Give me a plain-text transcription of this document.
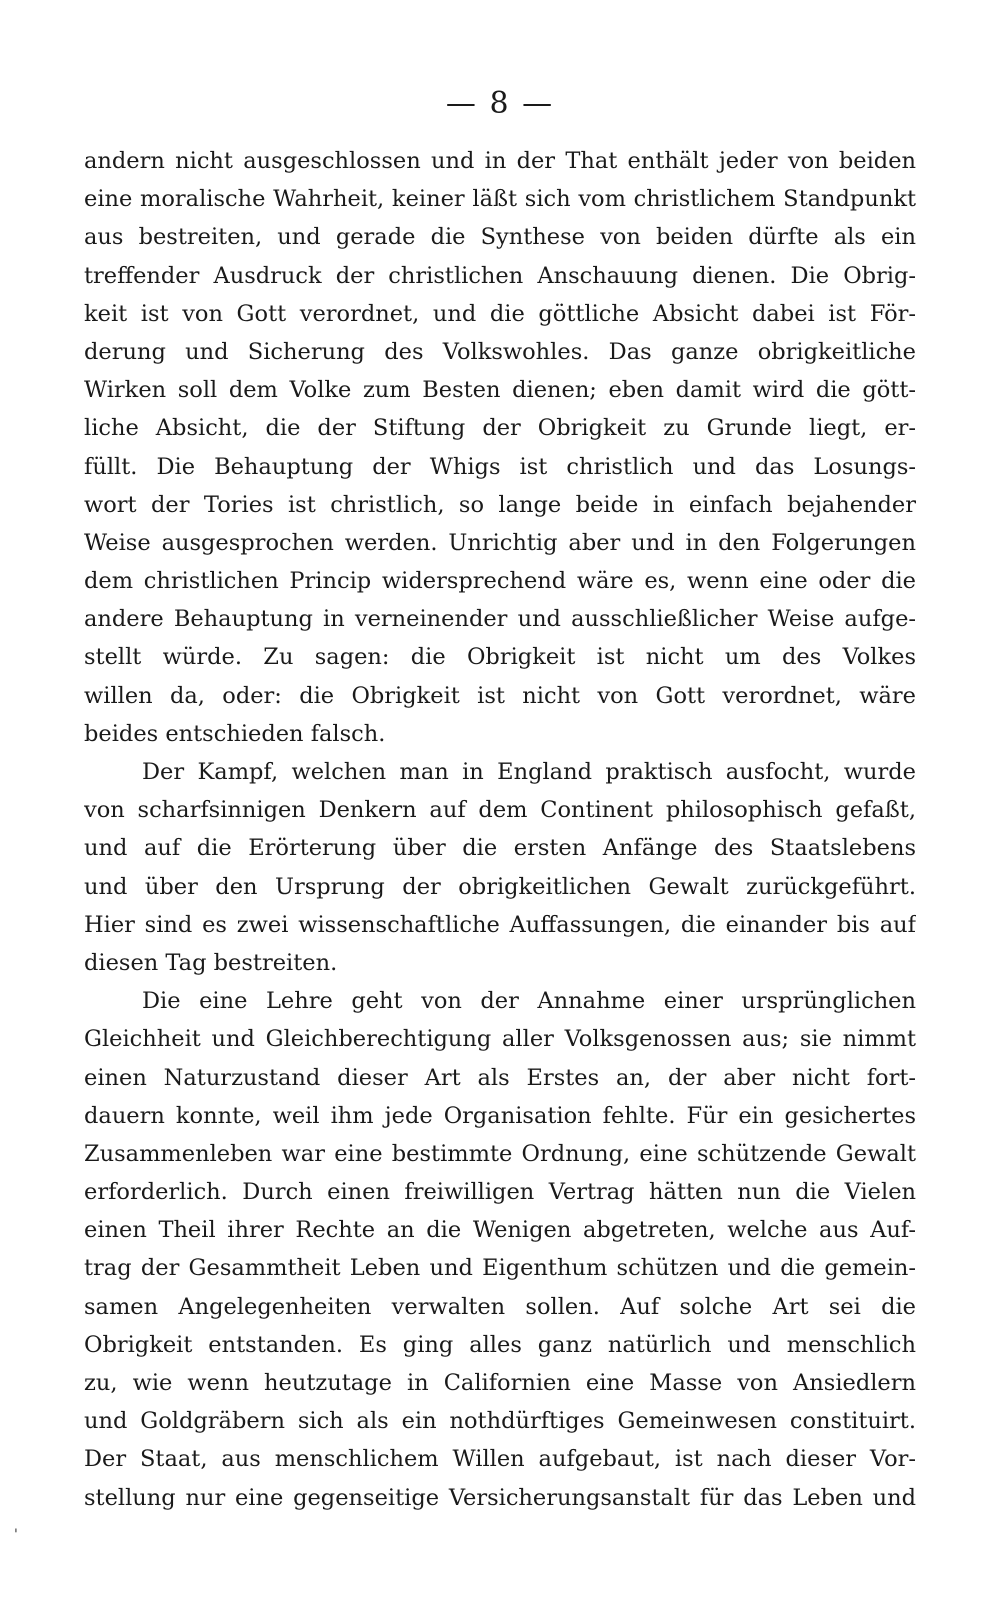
— 8 —
andern nicht ausgeschlossen und in der That enthält jeder von beiden
eine moralische Wahrheit, keiner läßt sich vom christlichem Standpunkt
aus bestreiten, und gerade die Synthese von beiden dürfte als ein
treffender Ausdruck der christlichen Anschauung dienen. Die Obrig-
keit ist von Gott verordnet, und die göttliche Absicht dabei ist För-
derung und Sicherung des Volkswohles. Das ganze obrigkeitliche
Wirken soll dem Volke zum Besten dienen; eben damit wird die gött-
liche Absicht, die der Stiftung der Obrigkeit zu Grunde liegt, er-
füllt. Die Behauptung der Whigs ist christlich und das Losungs-
wort der Tories ist christlich, so lange beide in einfach bejahender
Weise ausgesprochen werden. Unrichtig aber und in den Folgerungen
dem christlichen Princip widersprechend wäre es, wenn eine oder die
andere Behauptung in verneinender und ausschließlicher Weise aufge-
stellt würde. Zu sagen: die Obrigkeit ist nicht um des Volkes
willen da, oder: die Obrigkeit ist nicht von Gott verordnet, wäre
beides entschieden falsch.
Der Kampf, welchen man in England praktisch ausfocht, wurde
von scharfsinnigen Denkern auf dem Continent philosophisch gefaßt,
und auf die Erörterung über die ersten Anfänge des Staatslebens
und über den Ursprung der obrigkeitlichen Gewalt zurückgeführt.
Hier sind es zwei wissenschaftliche Auffassungen, die einander bis auf
diesen Tag bestreiten.
Die eine Lehre geht von der Annahme einer ursprünglichen
Gleichheit und Gleichberechtigung aller Volksgenossen aus; sie nimmt
einen Naturzustand dieser Art als Erstes an, der aber nicht fort-
dauern konnte, weil ihm jede Organisation fehlte. Für ein gesichertes
Zusammenleben war eine bestimmte Ordnung, eine schützende Gewalt
erforderlich. Durch einen freiwilligen Vertrag hätten nun die Vielen
einen Theil ihrer Rechte an die Wenigen abgetreten, welche aus Auf-
trag der Gesammtheit Leben und Eigenthum schützen und die gemein-
samen Angelegenheiten verwalten sollen. Auf solche Art sei die
Obrigkeit entstanden. Es ging alles ganz natürlich und menschlich
zu, wie wenn heutzutage in Californien eine Masse von Ansiedlern
und Goldgräbern sich als ein nothdürftiges Gemeinwesen constituirt.
Der Staat, aus menschlichem Willen aufgebaut, ist nach dieser Vor-
stellung nur eine gegenseitige Versicherungsanstalt für das Leben und
'
